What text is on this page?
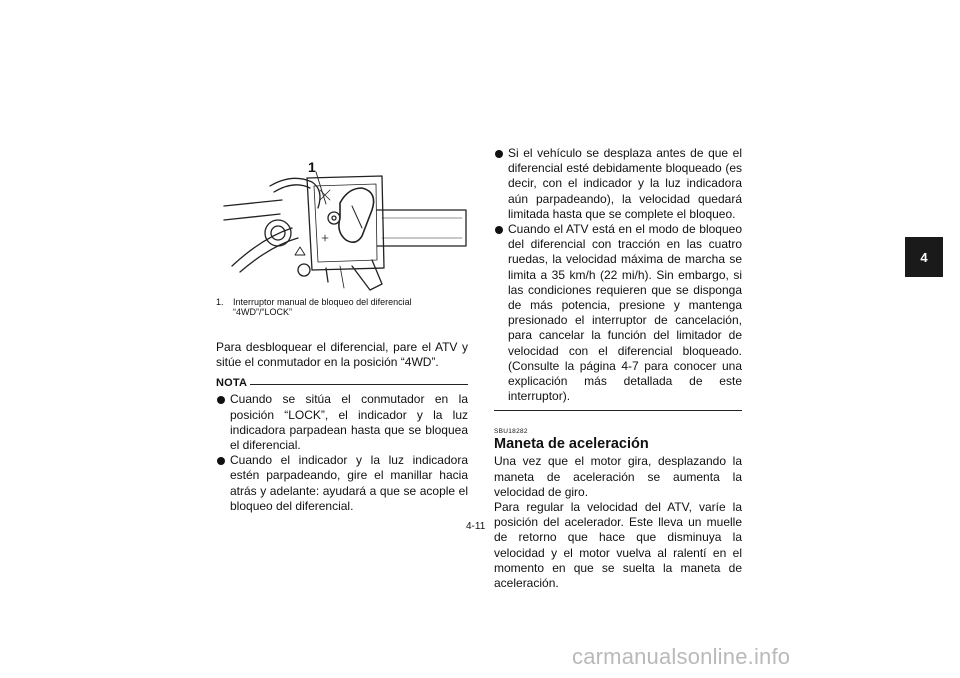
4
1
1. Interruptor manual de bloqueo del diferencial
“4WD”/“LOCK”

Para desbloquear el diferencial, pare el ATV y sitúe el conmutador en la posición “4WD”.

NOTA
Cuando se sitúa el conmutador en la posición “LOCK”, el indicador y la luz indicadora parpadean hasta que se bloquea el diferencial.
Cuando el indicador y la luz indicadora estén parpadeando, gire el manillar hacia atrás y adelante: ayudará a que se acople el bloqueo del diferencial.
Si el vehículo se desplaza antes de que el diferencial esté debidamente bloqueado (es decir, con el indicador y la luz indicadora aún parpadeando), la velocidad quedará limitada hasta que se complete el bloqueo.
Cuando el ATV está en el modo de bloqueo del diferencial con tracción en las cuatro ruedas, la velocidad máxima de marcha se limita a 35 km/h (22 mi/h). Sin embargo, si las condiciones requieren que se disponga de más potencia, presione y mantenga presionado el interruptor de cancelación, para cancelar la función del limitador de velocidad con el diferencial bloqueado. (Consulte la página 4-7 para conocer una explicación más detallada de este interruptor).
SBU18282
Maneta de aceleración

Una vez que el motor gira, desplazando la maneta de aceleración se aumenta la velocidad de giro.

Para regular la velocidad del ATV, varíe la posición del acelerador. Este lleva un muelle de retorno que hace que disminuya la velocidad y el motor vuelva al ralentí en el momento en que se suelta la maneta de aceleración.

4-11
carmanualsonline.info
